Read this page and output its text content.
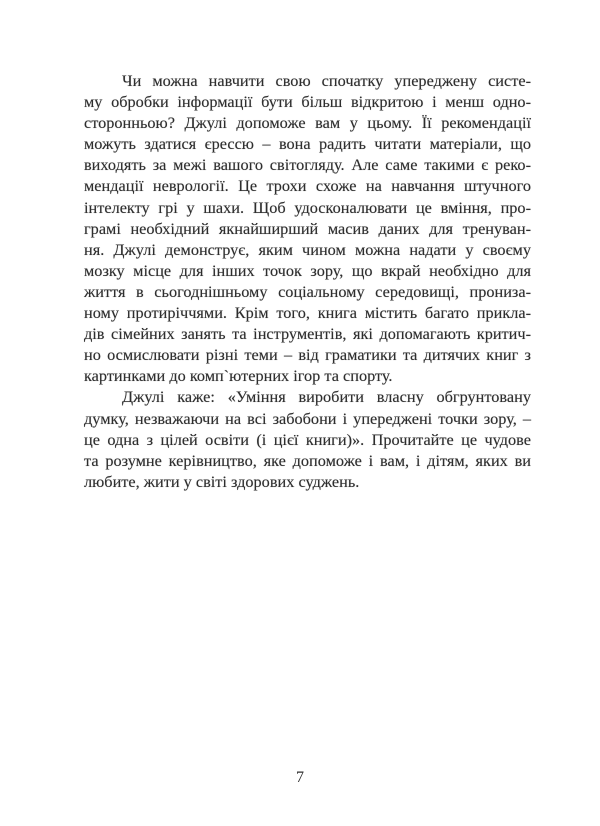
Чи можна навчити свою спочатку упереджену систе-
му обробки інформації бути більш відкритою і менш одно-
сторонньою? Джулі допоможе вам у цьому. Її рекомендації
можуть здатися єресcю – вона радить читати матеріали, що
виходять за межі вашого світогляду. Але саме такими є реко-
мендації неврології. Це трохи схоже на навчання штучного
інтелекту грі у шахи. Щоб удосконалювати це вміння, про-
грамі необхідний якнайширший масив даних для тренуван-
ня. Джулі демонструє, яким чином можна надати у своєму
мозку місце для інших точок зору, що вкрай необхідно для
життя в сьогоднішньому соціальному середовищі, пронизa-
ному протиріччями. Крім того, книга містить багато прикла-
дів сімейних занять та інструментів, які допомагають критич-
но осмислювати різні теми – від граматики та дитячих книг з
картинками до комп`ютерних ігор та спорту.
Джулі каже: «Уміння виробити власну обгрунтовану
думку, незважаючи на всі забобони і упереджені точки зору, –
це одна з цілей освіти (і цієї книги)». Прочитайте це чудове
та розумне керівництво, яке допоможе і вам, і дітям, яких ви
любите, жити у світі здорових суджень.
7
